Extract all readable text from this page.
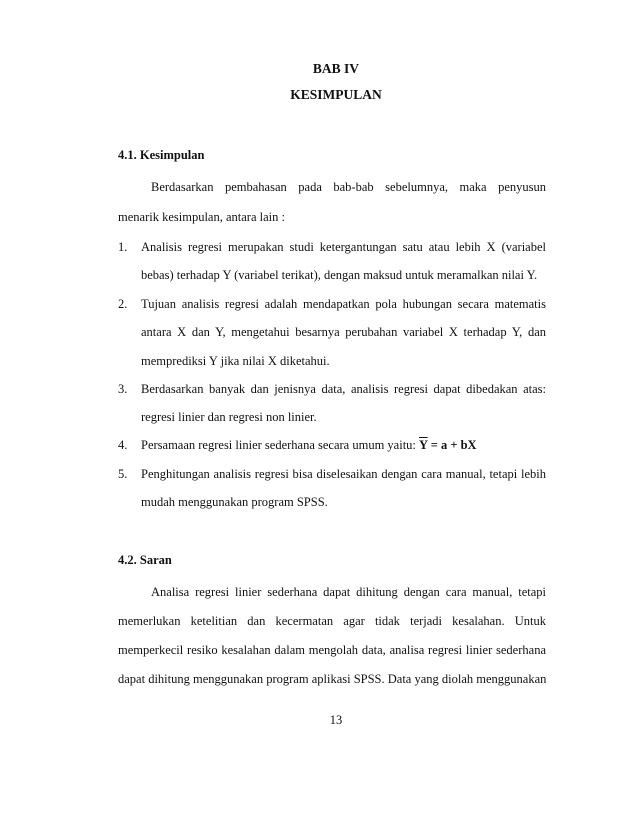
BAB IV
KESIMPULAN
4.1. Kesimpulan
Berdasarkan pembahasan pada bab-bab sebelumnya, maka penyusun
menarik kesimpulan, antara lain :
1. Analisis regresi merupakan studi ketergantungan satu atau lebih X (variabel
bebas) terhadap Y (variabel terikat), dengan maksud untuk meramalkan nilai Y.
2. Tujuan analisis regresi adalah mendapatkan pola hubungan secara matematis
antara X dan Y, mengetahui besarnya perubahan variabel X terhadap Y, dan
memprediksi Y jika nilai X diketahui.
3. Berdasarkan banyak dan jenisnya data, analisis regresi dapat dibedakan atas:
regresi linier dan regresi non linier.
4. Persamaan regresi linier sederhana secara umum yaitu: $\overline{Y} = a$ + bX
5. Penghitungan analisis regresi bisa diselesaikan dengan cara manual, tetapi lebih
mudah menggunakan program SPSS.
4.2. Saran
Analisa regresi linier sederhana dapat dihitung dengan cara manual, tetapi
memerlukan ketelitian dan kecermatan agar tidak terjadi kesalahan. Untuk
memperkecil resiko kesalahan dalam mengolah data, analisa regresi linier sederhana
dapat dihitung menggunakan program aplikasi SPSS. Data yang diolah menggunakan
13
